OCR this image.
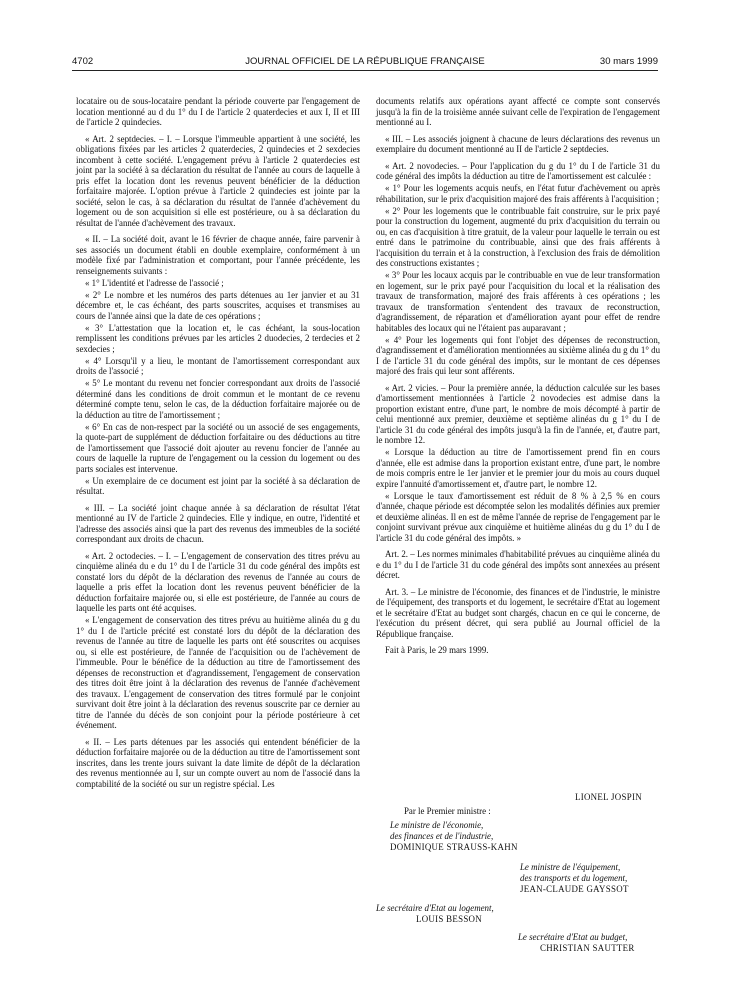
4702	JOURNAL OFFICIEL DE LA RÉPUBLIQUE FRANÇAISE	30 mars 1999

locataire ou de sous-locataire pendant la période couverte par l'engagement de location mentionné au d du 1° du I de l'article 2 quaterdecies et aux I, II et III de l'article 2 quindecies.

« Art. 2 septdecies. – I. – Lorsque l'immeuble appartient à une société, les obligations fixées par les articles 2 quaterdecies, 2 quindecies et 2 sexdecies incombent à cette société. L'engagement prévu à l'article 2 quaterdecies est joint par la société à sa déclaration du résultat de l'année au cours de laquelle à pris effet la location dont les revenus peuvent bénéficier de la déduction forfaitaire majorée. L'option prévue à l'article 2 quindecies est jointe par la société, selon le cas, à sa déclaration du résultat de l'année d'achèvement du logement ou de son acquisition si elle est postérieure, ou à sa déclaration du résultat de l'année d'achèvement des travaux.

« II. – La société doit, avant le 16 février de chaque année, faire parvenir à ses associés un document établi en double exemplaire, conformément à un modèle fixé par l'administration et comportant, pour l'année précédente, les renseignements suivants :

« 1° L'identité et l'adresse de l'associé ;

« 2° Le nombre et les numéros des parts détenues au 1er janvier et au 31 décembre et, le cas échéant, des parts souscrites, acquises et transmises au cours de l'année ainsi que la date de ces opérations ;

« 3° L'attestation que la location et, le cas échéant, la sous-location remplissent les conditions prévues par les articles 2 duodecies, 2 terdecies et 2 sexdecies ;

« 4° Lorsqu'il y a lieu, le montant de l'amortissement correspondant aux droits de l'associé ;

« 5° Le montant du revenu net foncier correspondant aux droits de l'associé déterminé dans les conditions de droit commun et le montant de ce revenu déterminé compte tenu, selon le cas, de la déduction forfaitaire majorée ou de la déduction au titre de l'amortissement ;

« 6° En cas de non-respect par la société ou un associé de ses engagements, la quote-part de supplément de déduction forfaitaire ou des déductions au titre de l'amortissement que l'associé doit ajouter au revenu foncier de l'année au cours de laquelle la rupture de l'engagement ou la cession du logement ou des parts sociales est intervenue.

« Un exemplaire de ce document est joint par la société à sa déclaration de résultat.

« III. – La société joint chaque année à sa déclaration de résultat l'état mentionné au IV de l'article 2 quindecies. Elle y indique, en outre, l'identité et l'adresse des associés ainsi que la part des revenus des immeubles de la société correspondant aux droits de chacun.

« Art. 2 octodecies. – I. – L'engagement de conservation des titres prévu au cinquième alinéa du e du 1° du I de l'article 31 du code général des impôts est constaté lors du dépôt de la déclaration des revenus de l'année au cours de laquelle a pris effet la location dont les revenus peuvent bénéficier de la déduction forfaitaire majorée ou, si elle est postérieure, de l'année au cours de laquelle les parts ont été acquises.

« L'engagement de conservation des titres prévu au huitième alinéa du g du 1° du I de l'article précité est constaté lors du dépôt de la déclaration des revenus de l'année au titre de laquelle les parts ont été souscrites ou acquises ou, si elle est postérieure, de l'année de l'acquisition ou de l'achèvement de l'immeuble. Pour le bénéfice de la déduction au titre de l'amortissement des dépenses de reconstruction et d'agrandissement, l'engagement de conservation des titres doit être joint à la déclaration des revenus de l'année d'achèvement des travaux. L'engagement de conservation des titres formulé par le conjoint survivant doit être joint à la déclaration des revenus souscrite par ce dernier au titre de l'année du décès de son conjoint pour la période postérieure à cet événement.

« II. – Les parts détenues par les associés qui entendent bénéficier de la déduction forfaitaire majorée ou de la déduction au titre de l'amortissement sont inscrites, dans les trente jours suivant la date limite de dépôt de la déclaration des revenus mentionnée au I, sur un compte ouvert au nom de l'associé dans la comptabilité de la société ou sur un registre spécial. Les

documents relatifs aux opérations ayant affecté ce compte sont conservés jusqu'à la fin de la troisième année suivant celle de l'expiration de l'engagement mentionné au I.

« III. – Les associés joignent à chacune de leurs déclarations des revenus un exemplaire du document mentionné au II de l'article 2 septdecies.

« Art. 2 novodecies. – Pour l'application du g du 1° du I de l'article 31 du code général des impôts la déduction au titre de l'amortissement est calculée :

« 1° Pour les logements acquis neufs, en l'état futur d'achèvement ou après réhabilitation, sur le prix d'acquisition majoré des frais afférents à l'acquisition ;

« 2° Pour les logements que le contribuable fait construire, sur le prix payé pour la construction du logement, augmenté du prix d'acquisition du terrain ou ou, en cas d'acquisition à titre gratuit, de la valeur pour laquelle le terrain ou est entré dans le patrimoine du contribuable, ainsi que des frais afférents à l'acquisition du terrain et à la construction, à l'exclusion des frais de démolition des constructions existantes ;

« 3° Pour les locaux acquis par le contribuable en vue de leur transformation en logement, sur le prix payé pour l'acquisition du local et la réalisation des travaux de transformation, majoré des frais afférents à ces opérations ; les travaux de transformation s'entendent des travaux de reconstruction, d'agrandissement, de réparation et d'amélioration ayant pour effet de rendre habitables des locaux qui ne l'étaient pas auparavant ;

« 4° Pour les logements qui font l'objet des dépenses de reconstruction, d'agrandissement et d'amélioration mentionnées au sixième alinéa du g du 1° du I de l'article 31 du code général des impôts, sur le montant de ces dépenses majoré des frais qui leur sont afférents.

« Art. 2 vicies. – Pour la première année, la déduction calculée sur les bases d'amortissement mentionnées à l'article 2 novodecies est admise dans la proportion existant entre, d'une part, le nombre de mois décompté à partir de celui mentionné aux premier, deuxième et septième alinéas du g 1° du I de l'article 31 du code général des impôts jusqu'à la fin de l'année, et, d'autre part, le nombre 12.

« Lorsque la déduction au titre de l'amortissement prend fin en cours d'année, elle est admise dans la proportion existant entre, d'une part, le nombre de mois compris entre le 1er janvier et le premier jour du mois au cours duquel expire l'annuité d'amortissement et, d'autre part, le nombre 12.

« Lorsque le taux d'amortissement est réduit de 8 % à 2,5 % en cours d'année, chaque période est décomptée selon les modalités définies aux premier et deuxième alinéas. Il en est de même l'année de reprise de l'engagement par le conjoint survivant prévue aux cinquième et huitième alinéas du g du 1° du I de l'article 31 du code général des impôts. »

Art. 2. – Les normes minimales d'habitabilité prévues au cinquième alinéa du e du 1° du I de l'article 31 du code général des impôts sont annexées au présent décret.

Art. 3. – Le ministre de l'économie, des finances et de l'industrie, le ministre de l'équipement, des transports et du logement, le secrétaire d'Etat au logement et le secrétaire d'Etat au budget sont chargés, chacun en ce qui le concerne, de l'exécution du présent décret, qui sera publié au Journal officiel de la République française.

Fait à Paris, le 29 mars 1999.

LIONEL JOSPIN
Par le Premier ministre :
Le ministre de l'économie,
des finances et de l'industrie,
DOMINIQUE STRAUSS-KAHN
Le ministre de l'équipement,
des transports et du logement,
JEAN-CLAUDE GAYSSOT
Le secrétaire d'Etat au logement,
LOUIS BESSON
Le secrétaire d'Etat au budget,
CHRISTIAN SAUTTER
